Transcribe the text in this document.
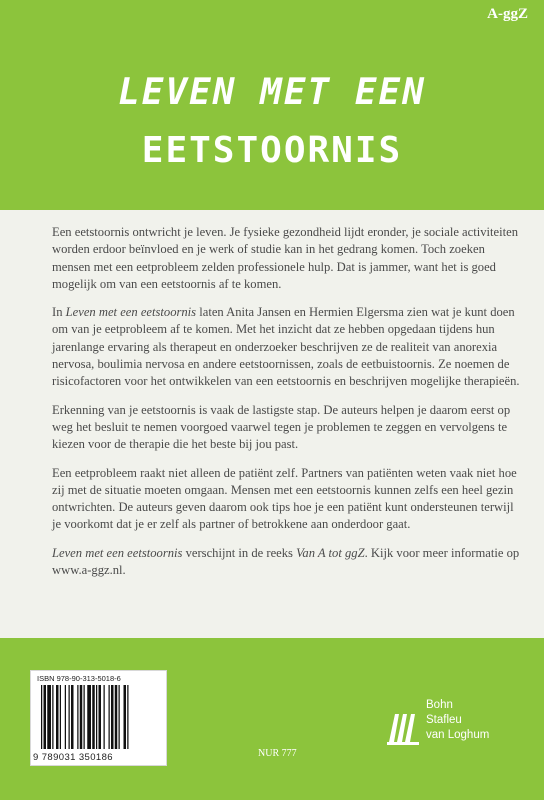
A-ggZ
LEVEN MET EEN
EETSTOORNIS

Een eetstoornis ontwricht je leven. Je fysieke gezondheid lijdt eronder, je sociale activiteiten worden erdoor beïnvloed en je werk of studie kan in het gedrang komen. Toch zoeken mensen met een eetprobleem zelden professionele hulp. Dat is jammer, want het is goed mogelijk om van een eetstoornis af te komen.

In Leven met een eetstoornis laten Anita Jansen en Hermien Elgersma zien wat je kunt doen om van je eetprobleem af te komen. Met het inzicht dat ze hebben opgedaan tijdens hun jarenlange ervaring als therapeut en onderzoeker beschrijven ze de realiteit van anorexia nervosa, boulimia nervosa en andere eetstoornissen, zoals de eetbuistoornis. Ze noemen de risicofactoren voor het ontwikkelen van een eetstoornis en beschrijven mogelijke therapieën.

Erkenning van je eetstoornis is vaak de lastigste stap. De auteurs helpen je daarom eerst op weg het besluit te nemen voorgoed vaarwel tegen je problemen te zeggen en vervolgens te kiezen voor de therapie die het beste bij jou past.

Een eetprobleem raakt niet alleen de patiënt zelf. Partners van patiënten weten vaak niet hoe zij met de situatie moeten omgaan. Mensen met een eetstoornis kunnen zelfs een heel gezin ontwrichten. De auteurs geven daarom ook tips hoe je een patiënt kunt ondersteunen terwijl je voorkomt dat je er zelf als partner of betrokkene aan onderdoor gaat.

Leven met een eetstoornis verschijnt in de reeks Van A tot ggZ. Kijk voor meer informatie op www.a-ggz.nl.

ISBN 978-90-313-5018-6
9 789031 350186	NUR 777
Bohn
Stafleu
van Loghum
